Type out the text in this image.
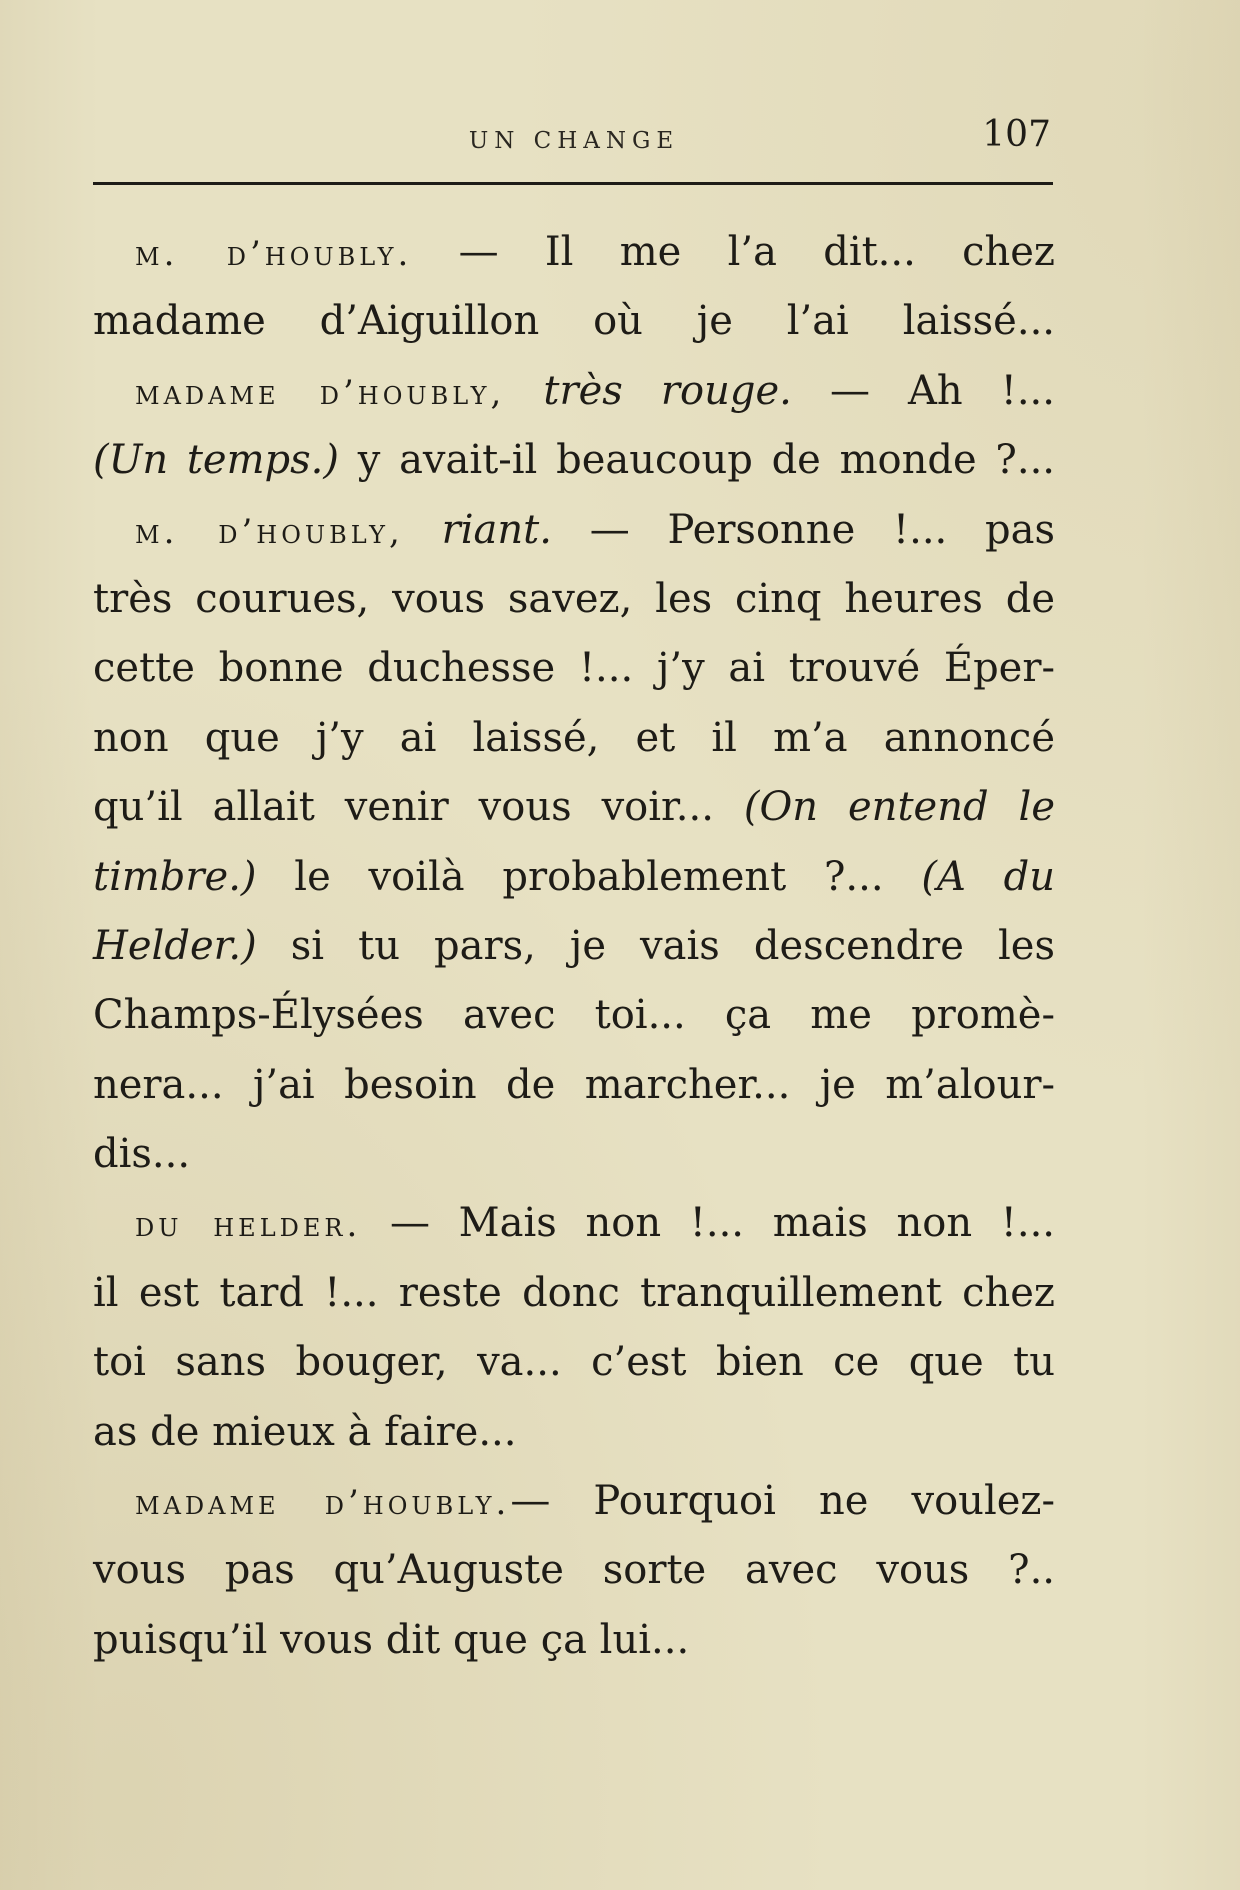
UN CHANGE	107
m. d’houbly. — Il me l’a dit... chez
madame d’Aiguillon où je l’ai laissé...
madame d’houbly, très rouge. — Ah !...
(Un temps.) y avait-il beaucoup de monde ?...
m. d’houbly, riant. — Personne !... pas
très courues, vous savez, les cinq heures de
cette bonne duchesse !... j’y ai trouvé Éper-
non que j’y ai laissé, et il m’a annoncé
qu’il allait venir vous voir... (On entend le
timbre.) le voilà probablement ?... (A du
Helder.) si tu pars, je vais descendre les
Champs-Élysées avec toi... ça me promè-
nera... j’ai besoin de marcher... je m’alour-
dis...
du helder. — Mais non !... mais non !...
il est tard !... reste donc tranquillement chez
toi sans bouger, va... c’est bien ce que tu
as de mieux à faire...
madame d’houbly.— Pourquoi ne voulez-
vous pas qu’Auguste sorte avec vous ?..
puisqu’il vous dit que ça lui...
